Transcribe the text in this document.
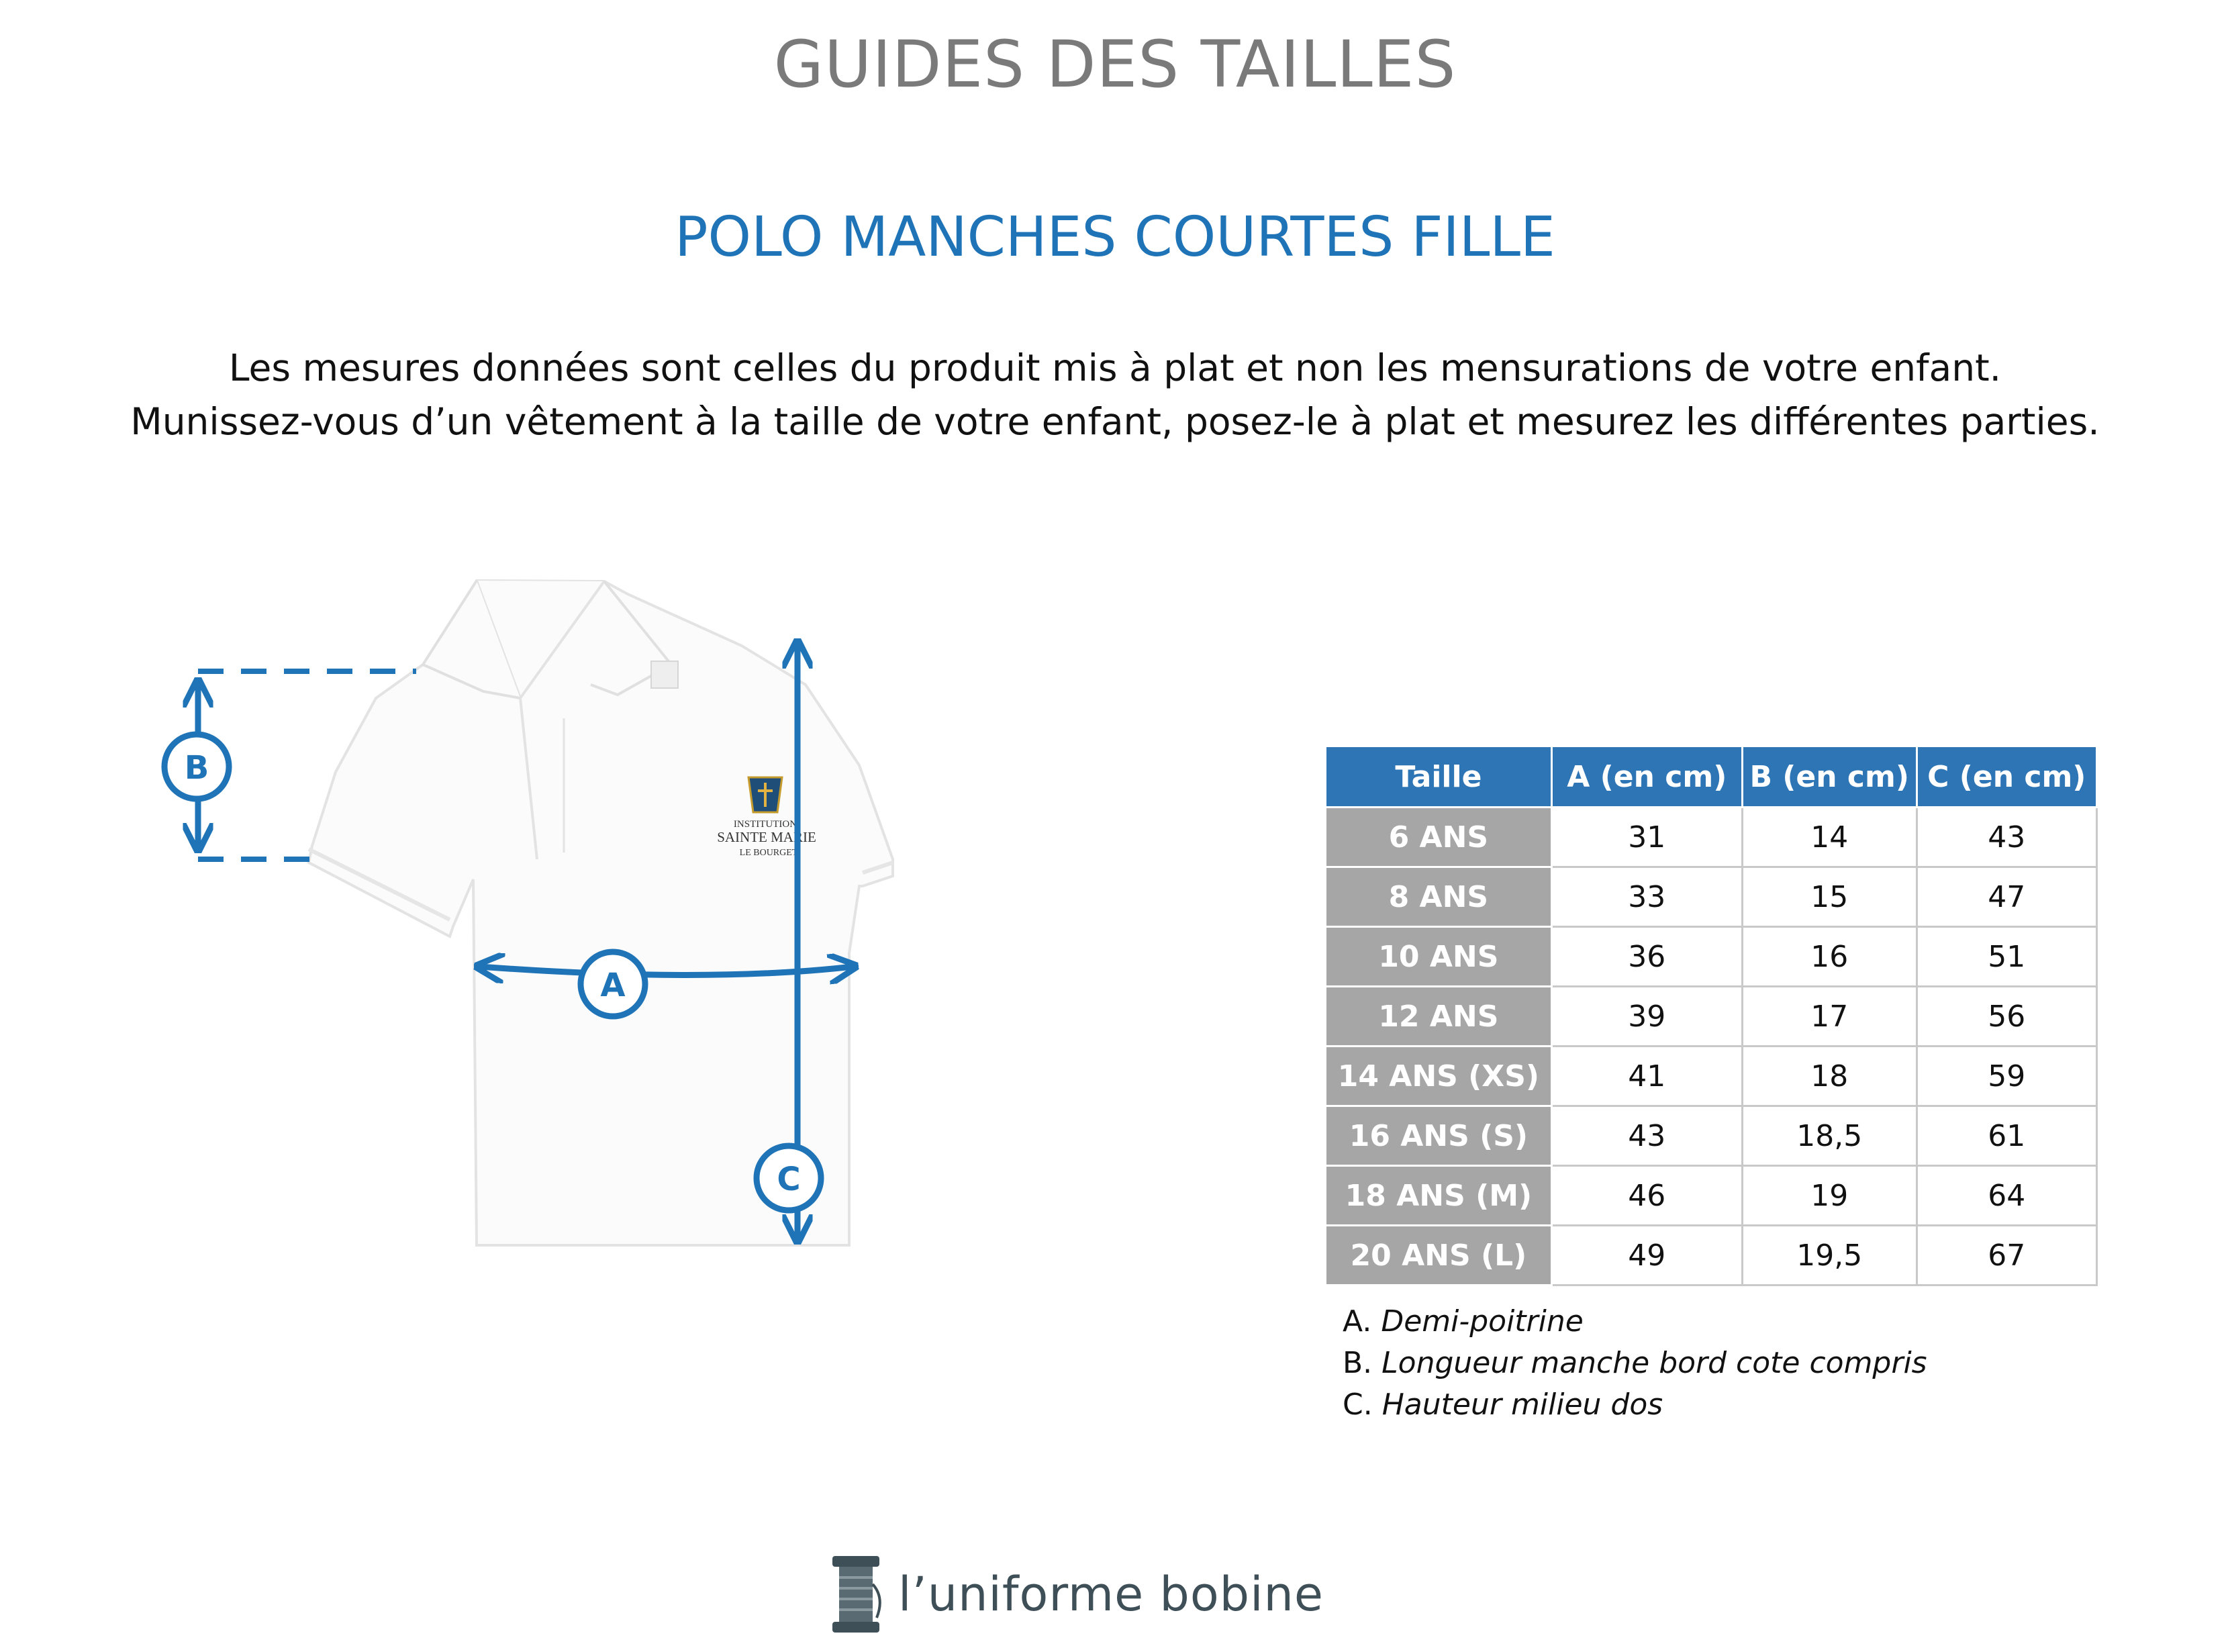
GUIDES DES TAILLES
POLO MANCHES COURTES FILLE
Les mesures données sont celles du produit mis à plat et non les mensurations de votre enfant.
Munissez-vous d’un vêtement à la taille de votre enfant, posez-le à plat et mesurez les différentes parties.
INSTITUTION
SAINTE MARIE
LE BOURGET
B
A
C
Taille	A (en cm)	B (en cm)	C (en cm)
6 ANS	31	14	43
8 ANS	33	15	47
10 ANS	36	16	51
12 ANS	39	17	56
14 ANS (XS)	41	18	59
16 ANS (S)	43	18,5	61
18 ANS (M)	46	19	64
20 ANS (L)	49	19,5	67
A. Demi-poitrine
B. Longueur manche bord cote compris
C. Hauteur milieu dos
l’uniforme bobine
